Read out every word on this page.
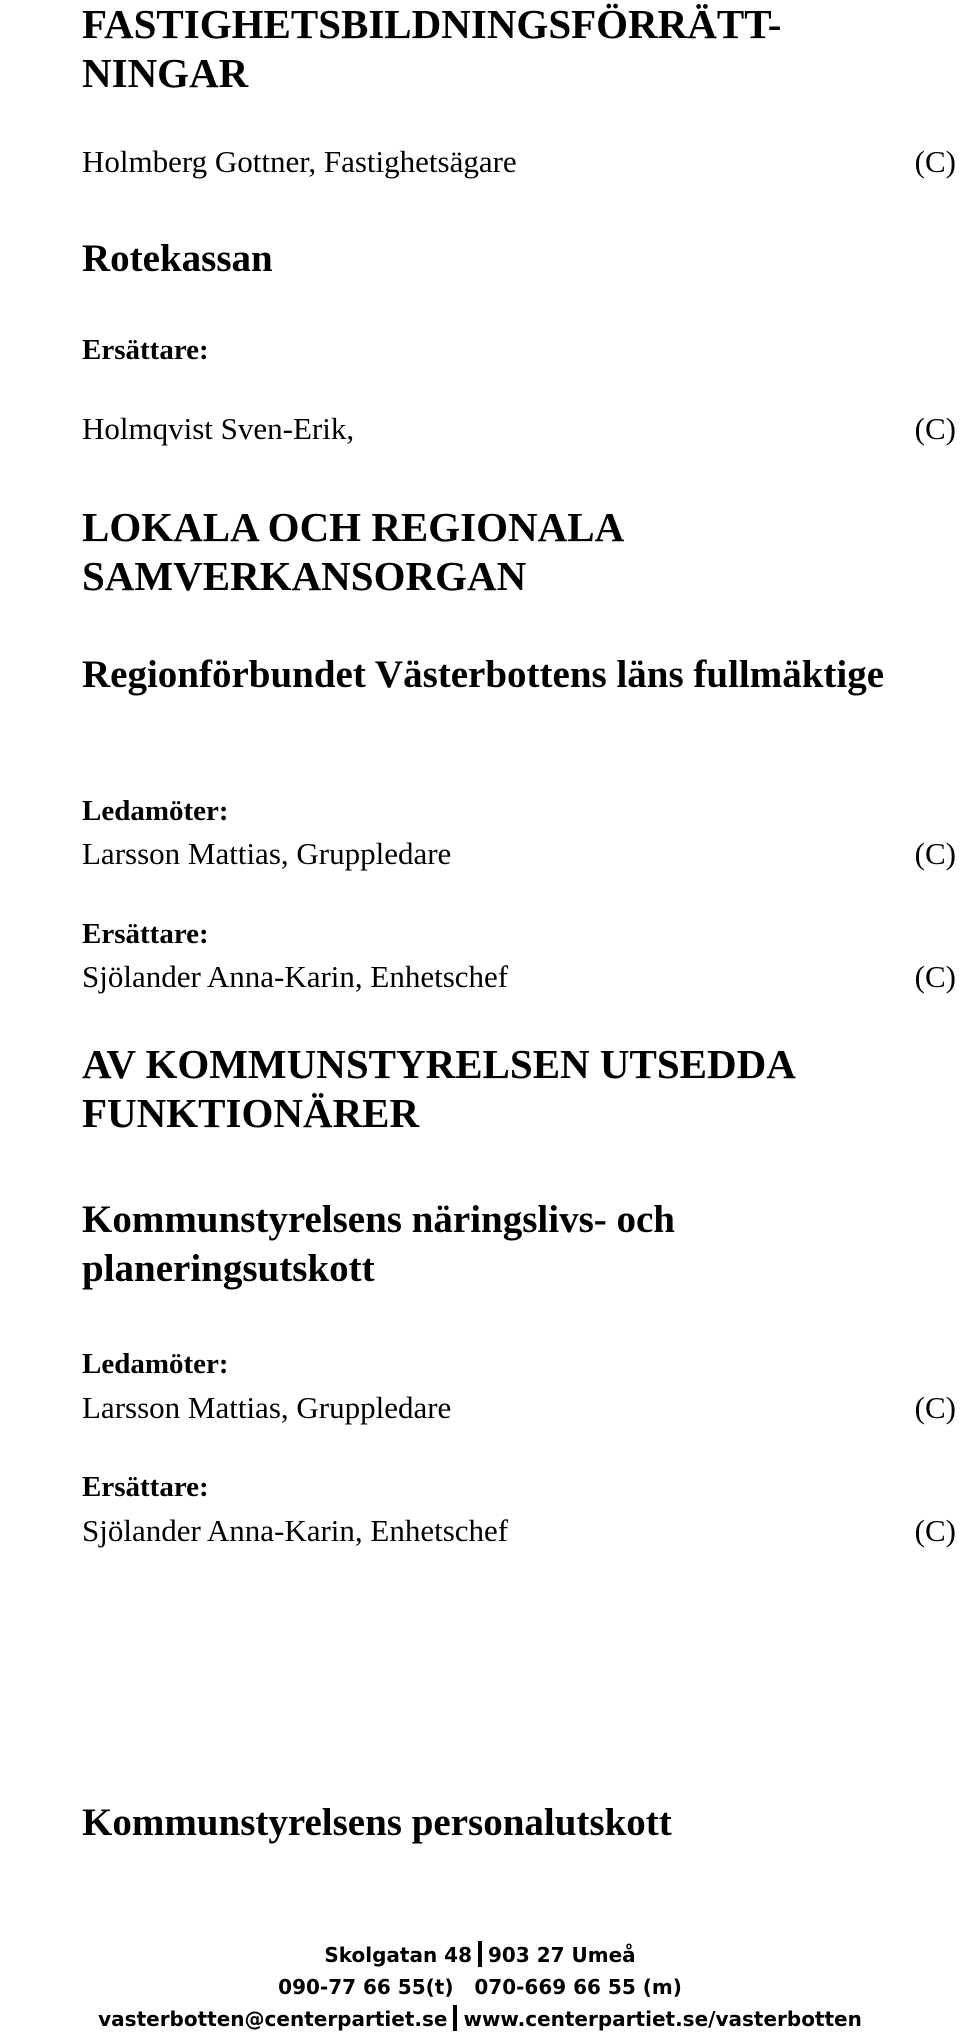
FASTIGHETSBILDNINGSFÖRRÄTT-NINGAR
Holmberg Gottner, Fastighetsägare	(C)
Rotekassan
Ersättare:
Holmqvist Sven-Erik,	(C)
LOKALA OCH REGIONALA SAMVERKANSORGAN
Regionförbundet Västerbottens läns fullmäktige
Ledamöter:
Larsson Mattias, Gruppledare	(C)
Ersättare:
Sjölander Anna-Karin, Enhetschef	(C)
AV KOMMUNSTYRELSEN UTSEDDA FUNKTIONÄRER
Kommunstyrelsens näringslivs- och planeringsutskott
Ledamöter:
Larsson Mattias, Gruppledare	(C)
Ersättare:
Sjölander Anna-Karin, Enhetschef	(C)
Kommunstyrelsens personalutskott
Skolgatan 48 903 27 Umeå
090-77 66 55(t) 070-669 66 55 (m)
vasterbotten@centerpartiet.se www.centerpartiet.se/vasterbotten
